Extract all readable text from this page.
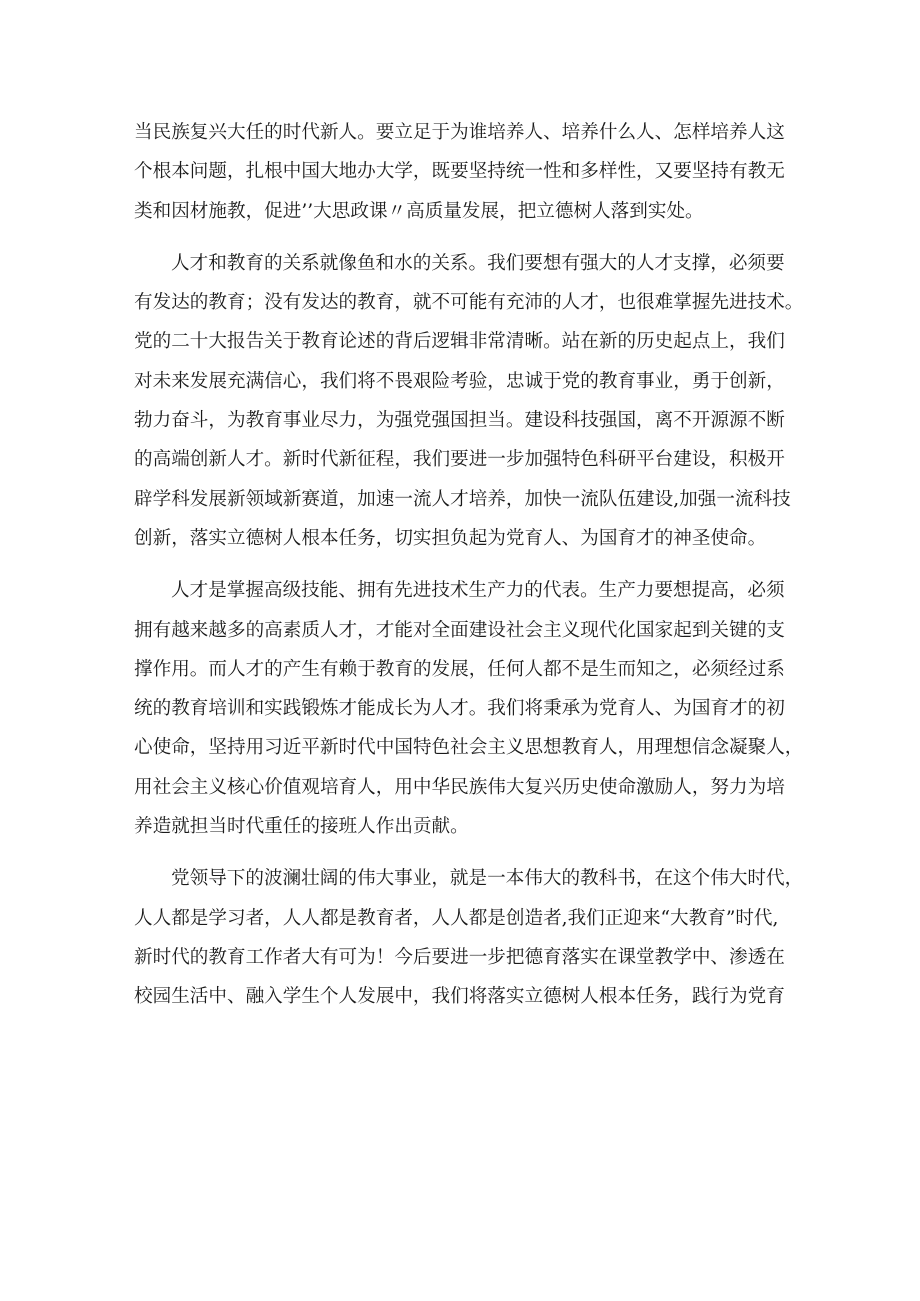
当民族复兴大任的时代新人。要立足于为谁培养人、培养什么人、怎样培养人这
个根本问题，扎根中国大地办大学，既要坚持统一性和多样性，又要坚持有教无
类和因材施教，促进’’大思政课〃高质量发展，把立德树人落到实处。
人才和教育的关系就像鱼和水的关系。我们要想有强大的人才支撑，必须要
有发达的教育；没有发达的教育，就不可能有充沛的人才，也很难掌握先进技术。
党的二十大报告关于教育论述的背后逻辑非常清晰。站在新的历史起点上，我们
对未来发展充满信心，我们将不畏艰险考验，忠诚于党的教育事业，勇于创新，
勃力奋斗，为教育事业尽力，为强党强国担当。建设科技强国，离不开源源不断
的高端创新人才。新时代新征程，我们要进一步加强特色科研平台建设，积极开
辟学科发展新领域新赛道，加速一流人才培养，加快一流队伍建设,加强一流科技
创新，落实立德树人根本任务，切实担负起为党育人、为国育才的神圣使命。
人才是掌握高级技能、拥有先进技术生产力的代表。生产力要想提高，必须
拥有越来越多的高素质人才，才能对全面建设社会主义现代化国家起到关键的支
撑作用。而人才的产生有赖于教育的发展，任何人都不是生而知之，必须经过系
统的教育培训和实践锻炼才能成长为人才。我们将秉承为党育人、为国育才的初
心使命，坚持用习近平新时代中国特色社会主义思想教育人，用理想信念凝聚人，
用社会主义核心价值观培育人，用中华民族伟大复兴历史使命激励人，努力为培
养造就担当时代重任的接班人作出贡献。
党领导下的波澜壮阔的伟大事业，就是一本伟大的教科书，在这个伟大时代，
人人都是学习者，人人都是教育者，人人都是创造者,我们正迎来“大教育”时代,
新时代的教育工作者大有可为！今后要进一步把德育落实在课堂教学中、渗透在
校园生活中、融入学生个人发展中，我们将落实立德树人根本任务，践行为党育
